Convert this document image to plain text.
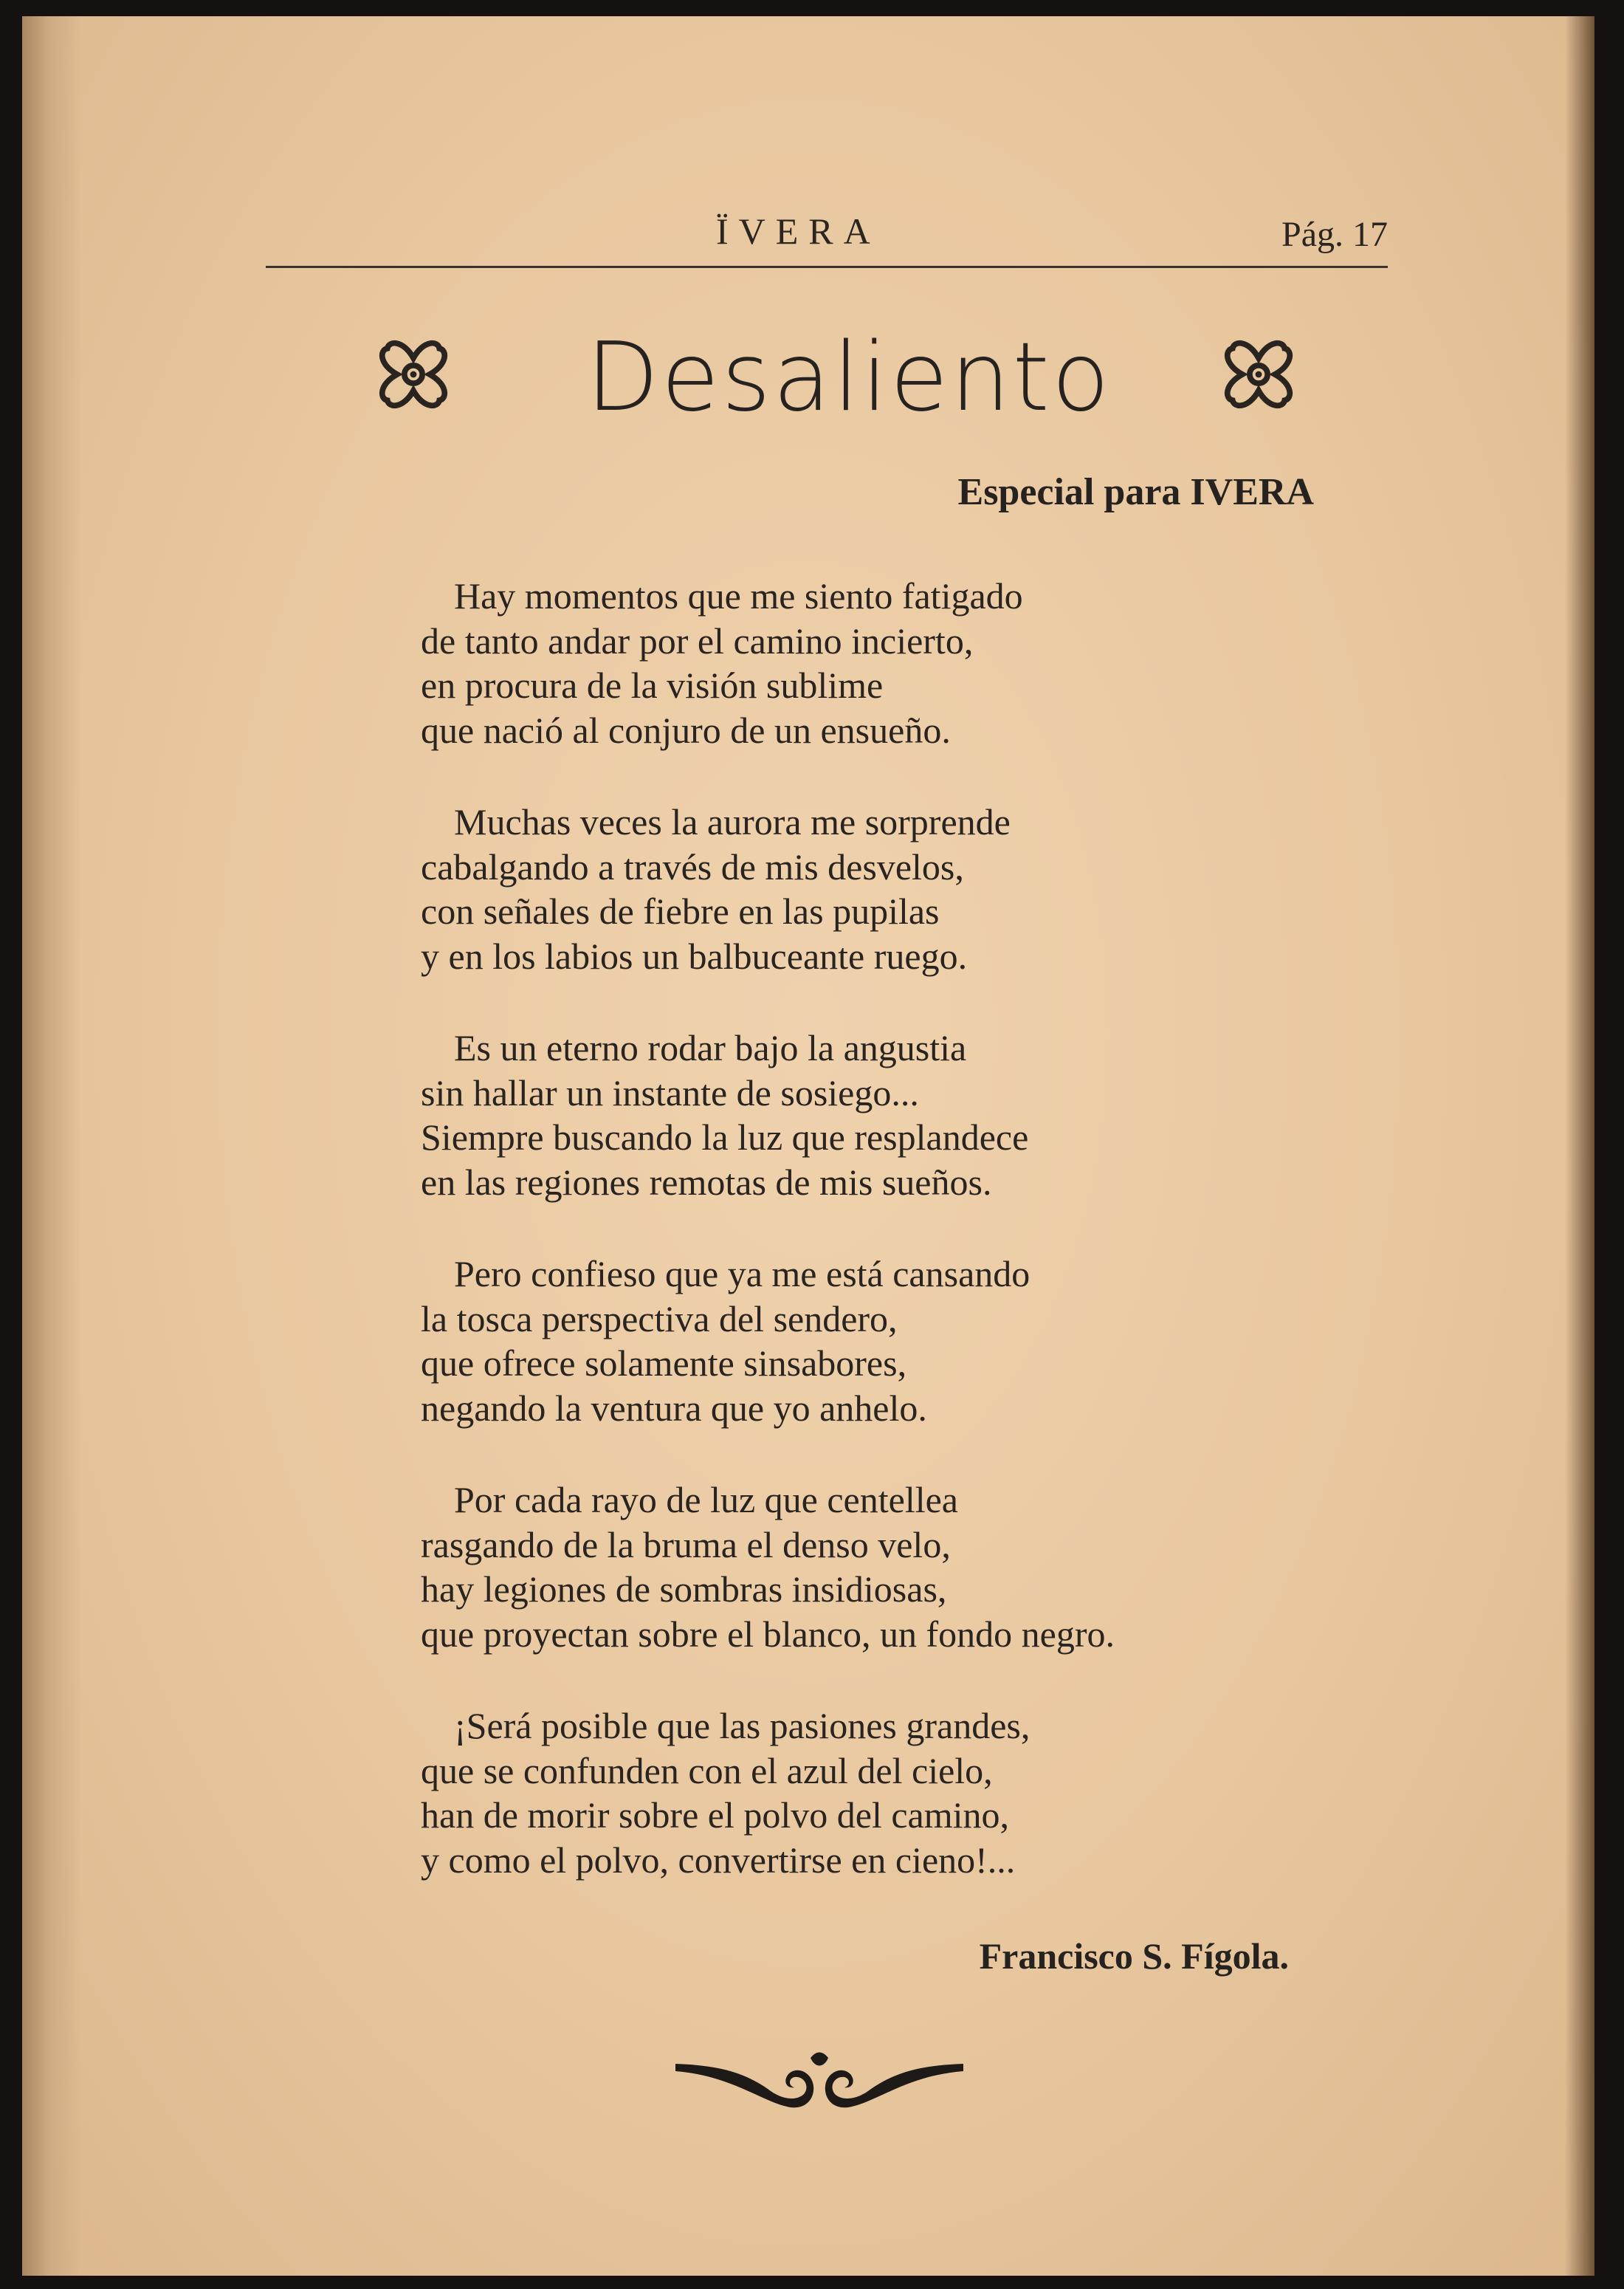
ÏVERA	Pág. 17
Desaliento
Especial para IVERA
Hay momentos que me siento fatigado
de tanto andar por el camino incierto,
en procura de la visión sublime
que nació al conjuro de un ensueño.
Muchas veces la aurora me sorprende
cabalgando a través de mis desvelos,
con señales de fiebre en las pupilas
y en los labios un balbuceante ruego.
Es un eterno rodar bajo la angustia
sin hallar un instante de sosiego...
Siempre buscando la luz que resplandece
en las regiones remotas de mis sueños.
Pero confieso que ya me está cansando
la tosca perspectiva del sendero,
que ofrece solamente sinsabores,
negando la ventura que yo anhelo.
Por cada rayo de luz que centellea
rasgando de la bruma el denso velo,
hay legiones de sombras insidiosas,
que proyectan sobre el blanco, un fondo negro.
¡Será posible que las pasiones grandes,
que se confunden con el azul del cielo,
han de morir sobre el polvo del camino,
y como el polvo, convertirse en cieno!...
Francisco S. Fígola.
